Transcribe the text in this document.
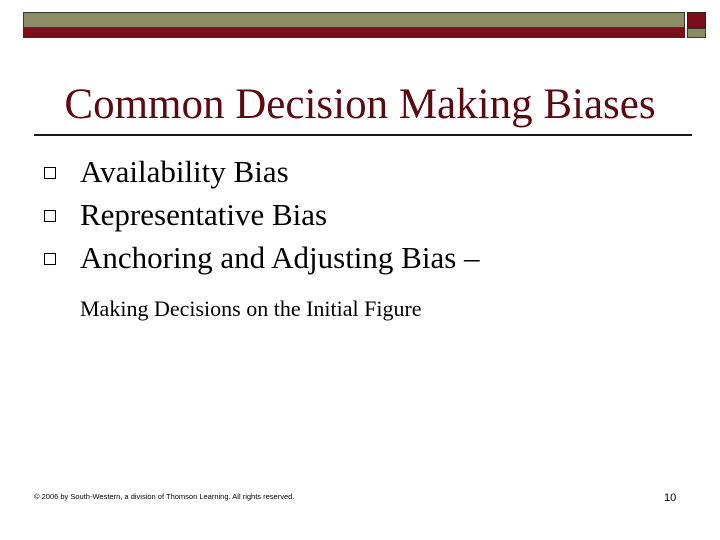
Common Decision Making Biases
Availability Bias
Representative Bias
Anchoring and Adjusting Bias –
Making Decisions on the Initial Figure
© 2006 by South-Western, a division of Thomson Learning. All rights reserved.	10
